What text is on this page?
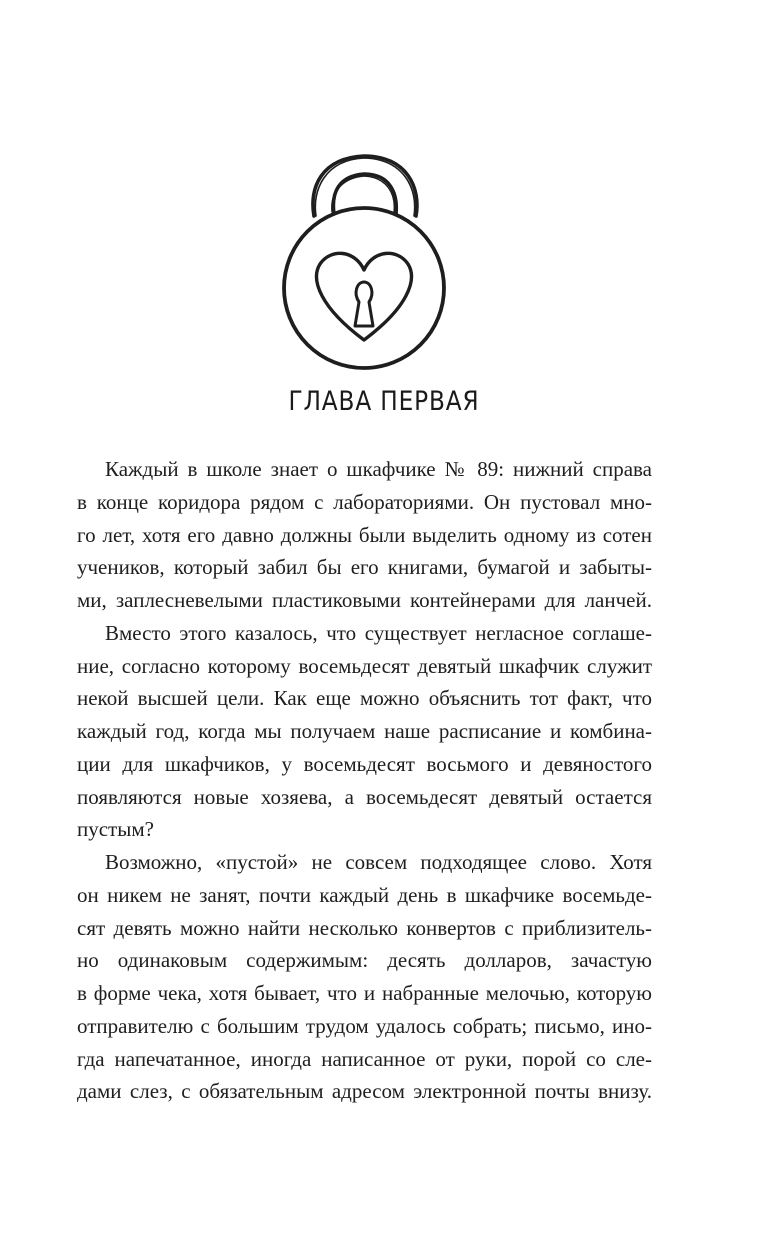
ГЛАВА ПЕРВАЯ
Каждый в школе знает о шкафчике № 89: нижний справа
в конце коридора рядом с лабораториями. Он пустовал мно-
го лет, хотя его давно должны были выделить одному из сотен
учеников, который забил бы его книгами, бумагой и забыты-
ми, заплесневелыми пластиковыми контейнерами для ланчей.
Вместо этого казалось, что существует негласное соглаше-
ние, согласно которому восемьдесят девятый шкафчик служит
некой высшей цели. Как еще можно объяснить тот факт, что
каждый год, когда мы получаем наше расписание и комбина-
ции для шкафчиков, у восемьдесят восьмого и девяностого
появляются новые хозяева, а восемьдесят девятый остается
пустым?
Возможно, «пустой» не совсем подходящее слово. Хотя
он никем не занят, почти каждый день в шкафчике восемьде-
сят девять можно найти несколько конвертов с приблизитель-
но одинаковым содержимым: десять долларов, зачастую
в форме чека, хотя бывает, что и набранные мелочью, которую
отправителю с большим трудом удалось собрать; письмо, ино-
гда напечатанное, иногда написанное от руки, порой со сле-
дами слез, с обязательным адресом электронной почты внизу.
